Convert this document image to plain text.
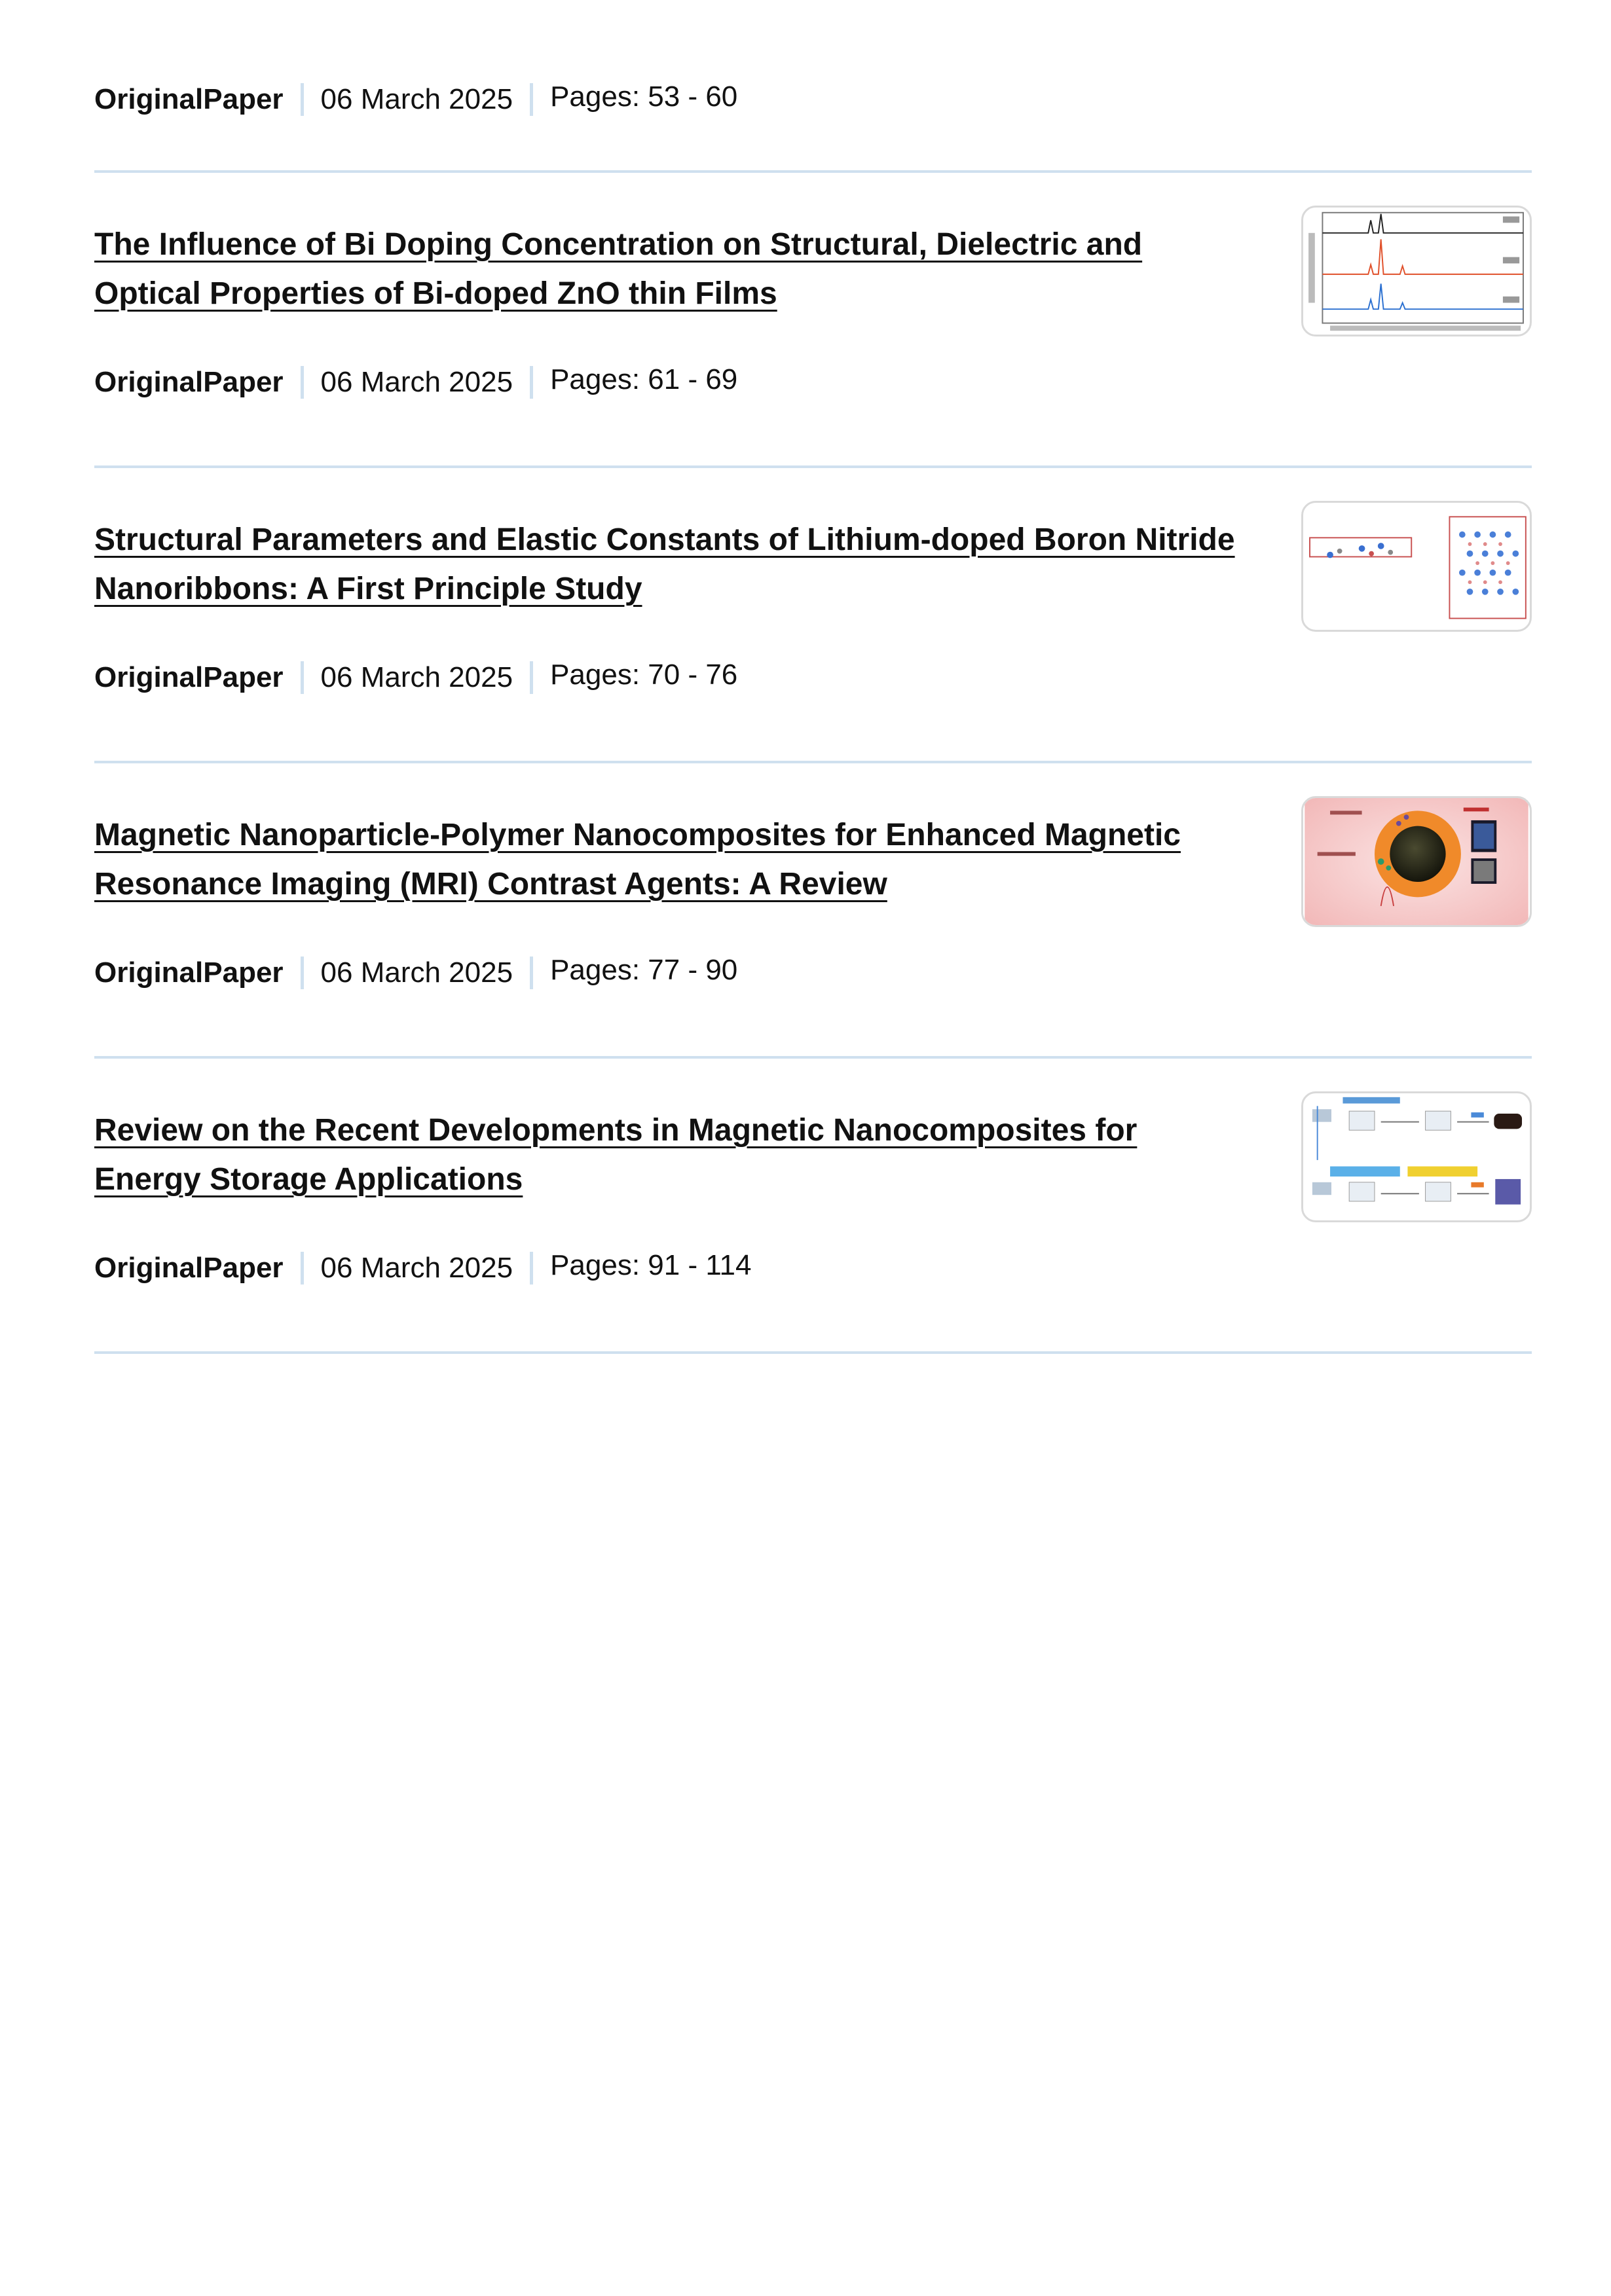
OriginalPaper 06 March 2025 Pages: 53 - 60
The Influence of Bi Doping Concentration on Structural, Dielectric and Optical Properties of Bi-doped ZnO thin Films
OriginalPaper 06 March 2025 Pages: 61 - 69
Structural Parameters and Elastic Constants of Lithium-doped Boron Nitride Nanoribbons: A First Principle Study
OriginalPaper 06 March 2025 Pages: 70 - 76
Magnetic Nanoparticle-Polymer Nanocomposites for Enhanced Magnetic Resonance Imaging (MRI) Contrast Agents: A Review
OriginalPaper 06 March 2025 Pages: 77 - 90
Review on the Recent Developments in Magnetic Nanocomposites for Energy Storage Applications
OriginalPaper 06 March 2025 Pages: 91 - 114
